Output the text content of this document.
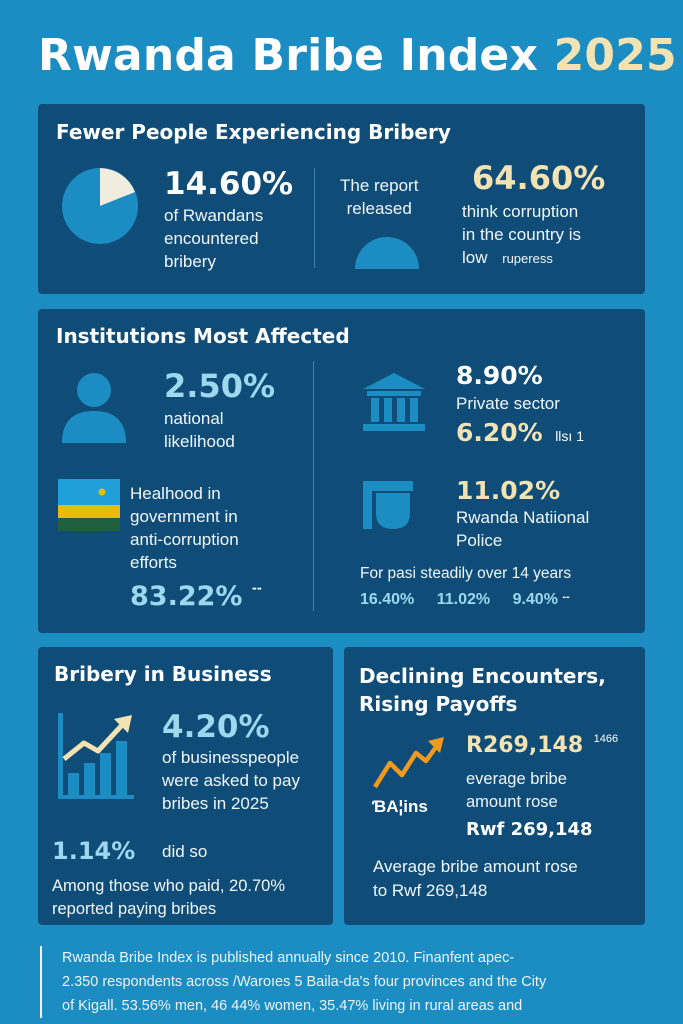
Rwanda Bribe Index 2025
Fewer People Experiencing Bribery
14.60%
of Rwandans
encountered
bribery
The report
released
64.60%
think corruption
in the country is
low ruperess
Institutions Most Affected
2.50%
national
likelihood
Healhood in
government in
anti-corruption
efforts
83.22% --
8.90%
Private sector
6.20% llsı 1
11.02%
Rwanda Natiional
Police
For pasi steadily over 14 years
16.40% 11.02% 9.40% --
Bribery in Business
4.20%
of businesspeople
were asked to pay
bribes in 2025
1.14% did so
Among those who paid, 20.70%
reported paying bribes
Declining Encounters,
Rising Payoffs
ƁA¦ins
R269,148 $^{1466}$
everage bribe
amount rose
Rwf 269,148
Average bribe amount rose
to Rwf 269,148
Rwanda Bribe Index is published annually since 2010. Finanfent apec-
2.350 respondents across /Waroıes 5 Baila-da's four provinces and the City
of Kigall. 53.56% men, 46 44% women, 35.47% living in rural areas and
